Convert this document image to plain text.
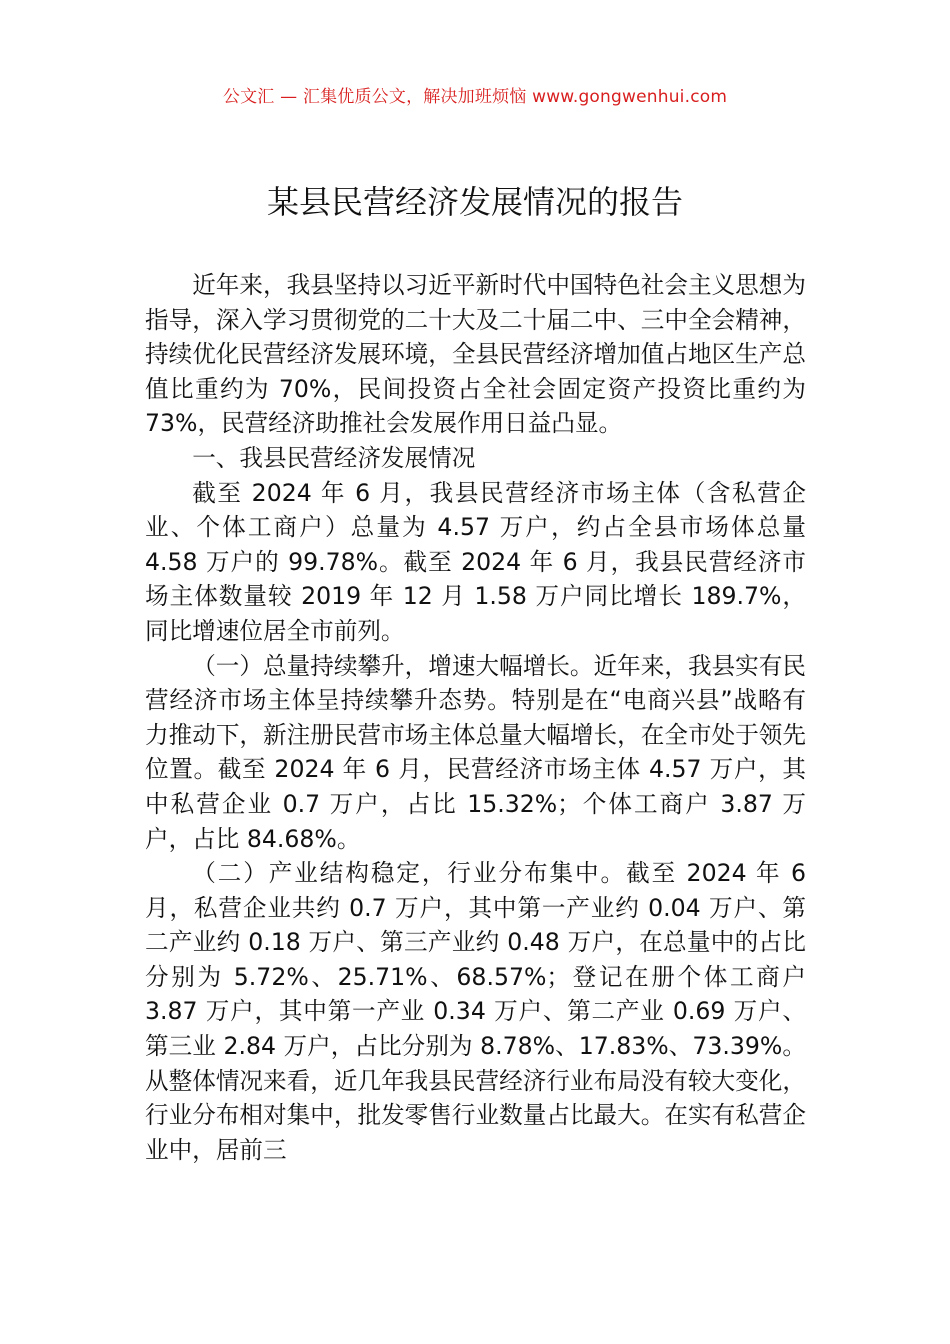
公文汇 — 汇集优质公文，解决加班烦恼 www.gongwenhui.com
某县民营经济发展情况的报告

近年来，我县坚持以习近平新时代中国特色社会主义思想为指导，深入学习贯彻党的二十大及二十届二中、三中全会精神，持续优化民营经济发展环境，全县民营经济增加值占地区生产总值比重约为 70%，民间投资占全社会固定资产投资比重约为 73%，民营经济助推社会发展作用日益凸显。

一、我县民营经济发展情况

截至 2024 年 6 月，我县民营经济市场主体（含私营企业、个体工商户）总量为 4.57 万户，约占全县市场体总量 4.58 万户的 99.78%。截至 2024 年 6 月，我县民营经济市场主体数量较 2019 年 12 月 1.58 万户同比增长 189.7%，同比增速位居全市前列。

（一）总量持续攀升，增速大幅增长。近年来，我县实有民营经济市场主体呈持续攀升态势。特别是在“电商兴县”战略有力推动下，新注册民营市场主体总量大幅增长，在全市处于领先位置。截至 2024 年 6 月，民营经济市场主体 4.57 万户，其中私营企业 0.7 万户，占比 15.32%；个体工商户 3.87 万户，占比 84.68%。

（二）产业结构稳定，行业分布集中。截至 2024 年 6 月，私营企业共约 0.7 万户，其中第一产业约 0.04 万户、第二产业约 0.18 万户、第三产业约 0.48 万户，在总量中的占比分别为 5.72%、25.71%、68.57%；登记在册个体工商户 3.87 万户，其中第一产业 0.34 万户、第二产业 0.69 万户、第三业 2.84 万户，占比分别为 8.78%、17.83%、73.39%。从整体情况来看，近几年我县民营经济行业布局没有较大变化，行业分布相对集中，批发零售行业数量占比最大。在实有私营企业中，居前三
